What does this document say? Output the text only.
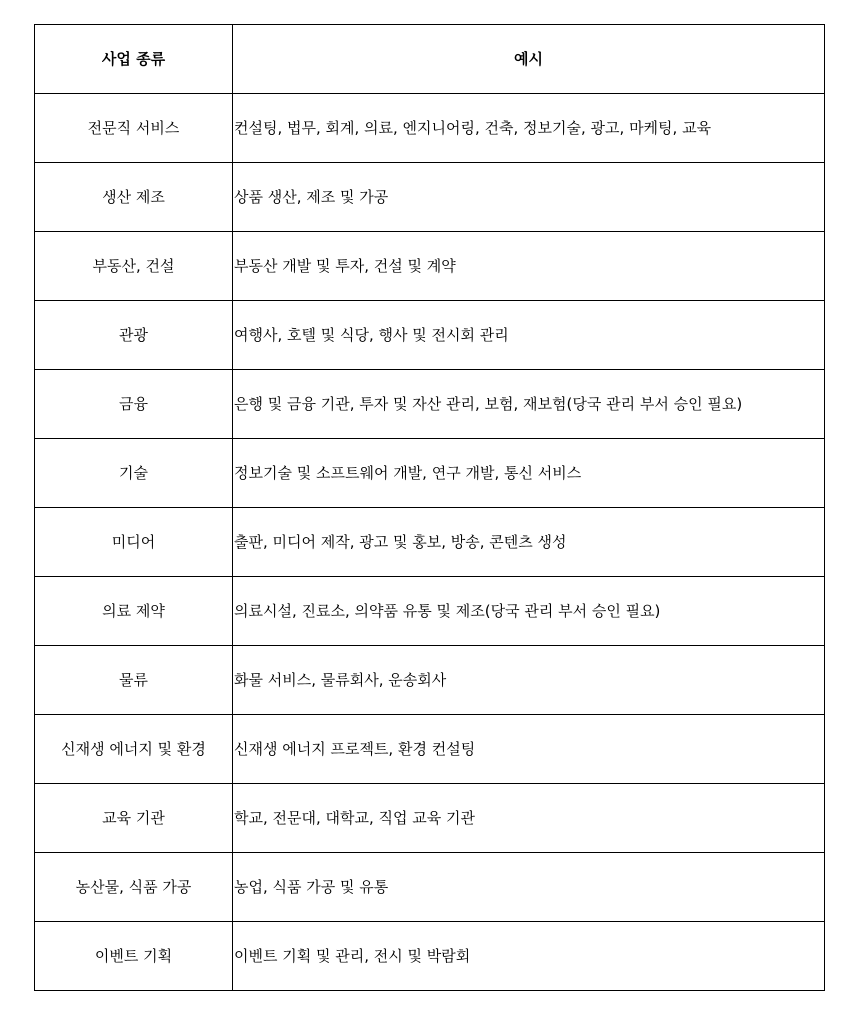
사업 종류	예시
전문직 서비스	컨설팅, 법무, 회계, 의료, 엔지니어링, 건축, 정보기술, 광고, 마케팅, 교육
생산 제조	상품 생산, 제조 및 가공
부동산, 건설	부동산 개발 및 투자, 건설 및 계약
관광	여행사, 호텔 및 식당, 행사 및 전시회 관리
금융	은행 및 금융 기관, 투자 및 자산 관리, 보험, 재보험(당국 관리 부서 승인 필요)
기술	정보기술 및 소프트웨어 개발, 연구 개발, 통신 서비스
미디어	출판, 미디어 제작, 광고 및 홍보, 방송, 콘텐츠 생성
의료 제약	의료시설, 진료소, 의약품 유통 및 제조(당국 관리 부서 승인 필요)
물류	화물 서비스, 물류회사, 운송회사
신재생 에너지 및 환경	신재생 에너지 프로젝트, 환경 컨설팅
교육 기관	학교, 전문대, 대학교, 직업 교육 기관
농산물, 식품 가공	농업, 식품 가공 및 유통
이벤트 기획	이벤트 기획 및 관리, 전시 및 박람회
